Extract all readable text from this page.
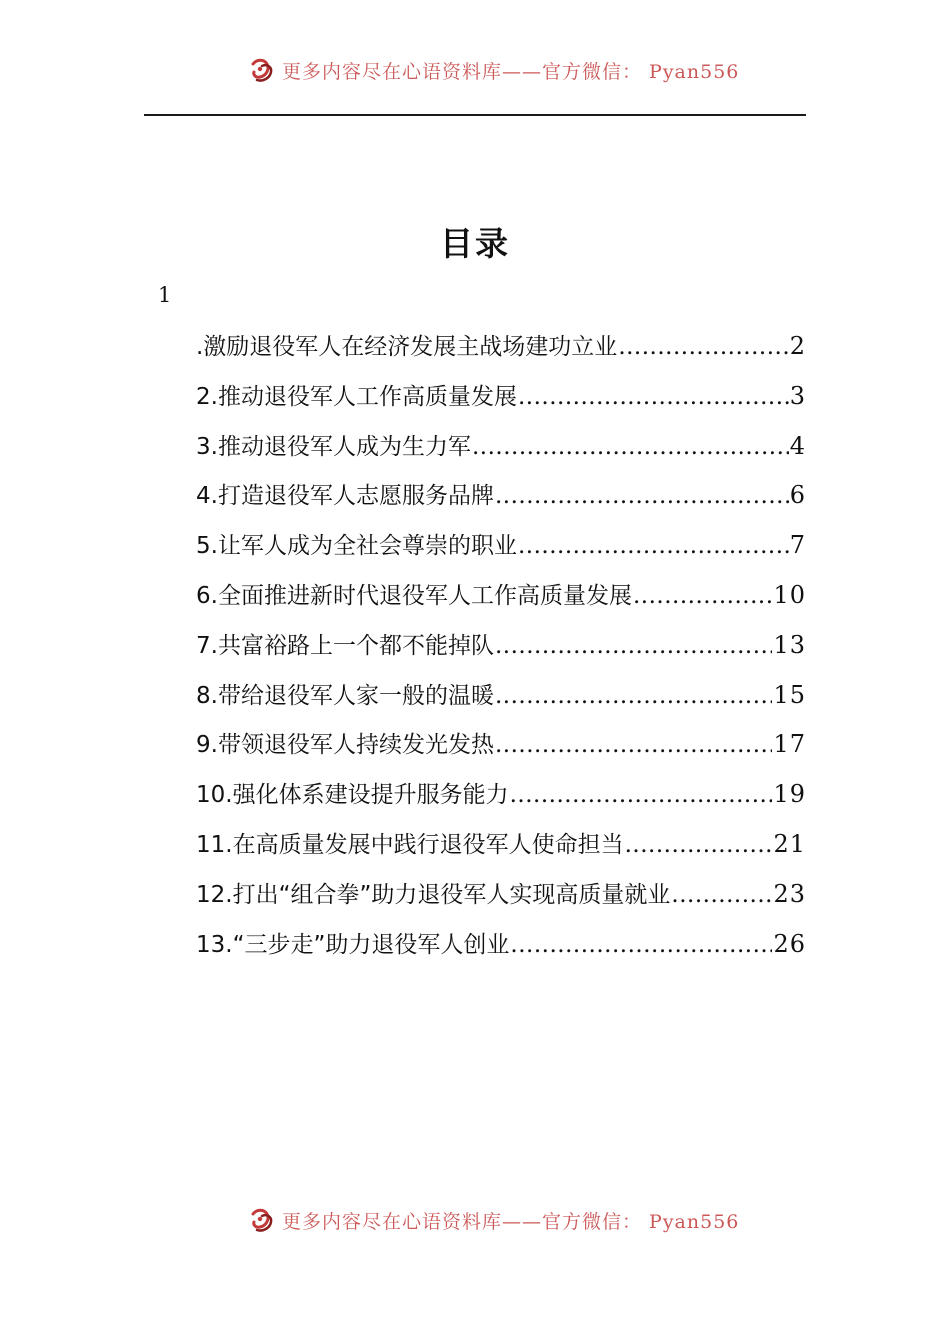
更多内容尽在心语资料库——官方微信： Pyan556
目录
1
.激励退役军人在经济发展主战场建功立业 .....	2
2.推动退役军人工作高质量发展 .....	3
3.推动退役军人成为生力军 .....	4
4.打造退役军人志愿服务品牌 .....	6
5.让军人成为全社会尊崇的职业 .....	7
6.全面推进新时代退役军人工作高质量发展 .....	10
7.共富裕路上一个都不能掉队 .....	13
8.带给退役军人家一般的温暖 .....	15
9.带领退役军人持续发光发热 .....	17
10.强化体系建设提升服务能力 .....	19
11.在高质量发展中践行退役军人使命担当 .....	21
12.打出“组合拳”助力退役军人实现高质量就业 .....	23
13.“三步走”助力退役军人创业 .....	26
更多内容尽在心语资料库——官方微信： Pyan556
